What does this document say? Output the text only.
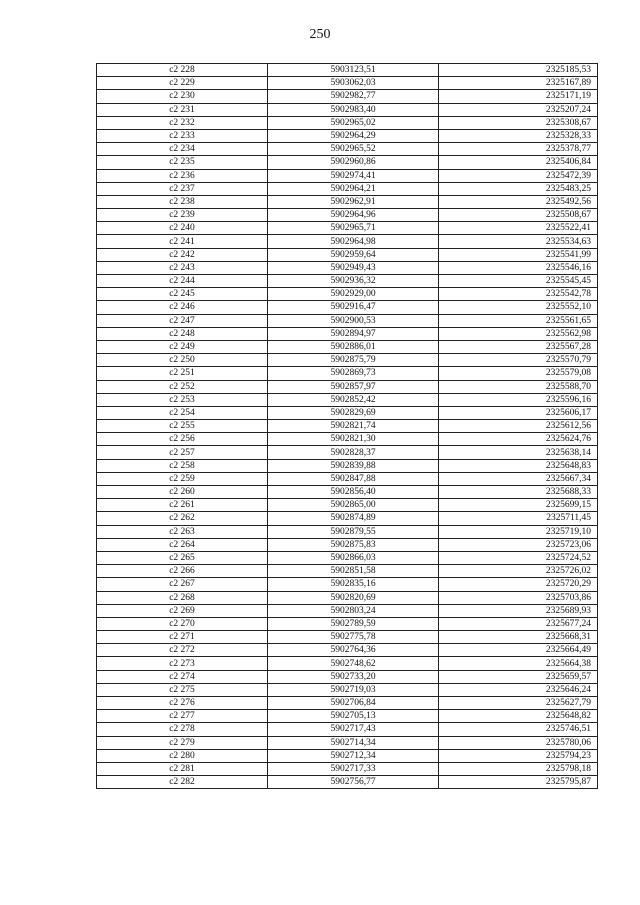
250
с2 228	5903123,51	2325185,53
с2 229	5903062,03	2325167,89
с2 230	5902982,77	2325171,19
с2 231	5902983,40	2325207,24
с2 232	5902965,02	2325308,67
с2 233	5902964,29	2325328,33
с2 234	5902965,52	2325378,77
с2 235	5902960,86	2325406,84
с2 236	5902974,41	2325472,39
с2 237	5902964,21	2325483,25
с2 238	5902962,91	2325492,56
с2 239	5902964,96	2325508,67
с2 240	5902965,71	2325522,41
с2 241	5902964,98	2325534,63
с2 242	5902959,64	2325541,99
с2 243	5902949,43	2325546,16
с2 244	5902936,32	2325545,45
с2 245	5902929,00	2325542,78
с2 246	5902916,47	2325552,10
с2 247	5902900,53	2325561,65
с2 248	5902894,97	2325562,98
с2 249	5902886,01	2325567,28
с2 250	5902875,79	2325570,79
с2 251	5902869,73	2325579,08
с2 252	5902857,97	2325588,70
с2 253	5902852,42	2325596,16
с2 254	5902829,69	2325606,17
с2 255	5902821,74	2325612,56
с2 256	5902821,30	2325624,76
с2 257	5902828,37	2325638,14
с2 258	5902839,88	2325648,83
с2 259	5902847,88	2325667,34
с2 260	5902856,40	2325688,33
с2 261	5902865,00	2325699,15
с2 262	5902874,89	2325711,45
с2 263	5902879,55	2325719,10
с2 264	5902875,83	2325723,06
с2 265	5902866,03	2325724,52
с2 266	5902851,58	2325726,02
с2 267	5902835,16	2325720,29
с2 268	5902820,69	2325703,86
с2 269	5902803,24	2325689,93
с2 270	5902789,59	2325677,24
с2 271	5902775,78	2325668,31
с2 272	5902764,36	2325664,49
с2 273	5902748,62	2325664,38
с2 274	5902733,20	2325659,57
с2 275	5902719,03	2325646,24
с2 276	5902706,84	2325627,79
с2 277	5902705,13	2325648,82
с2 278	5902717,43	2325746,51
с2 279	5902714,34	2325780,06
с2 280	5902712,34	2325794,23
с2 281	5902717,33	2325798,18
с2 282	5902756,77	2325795,87
